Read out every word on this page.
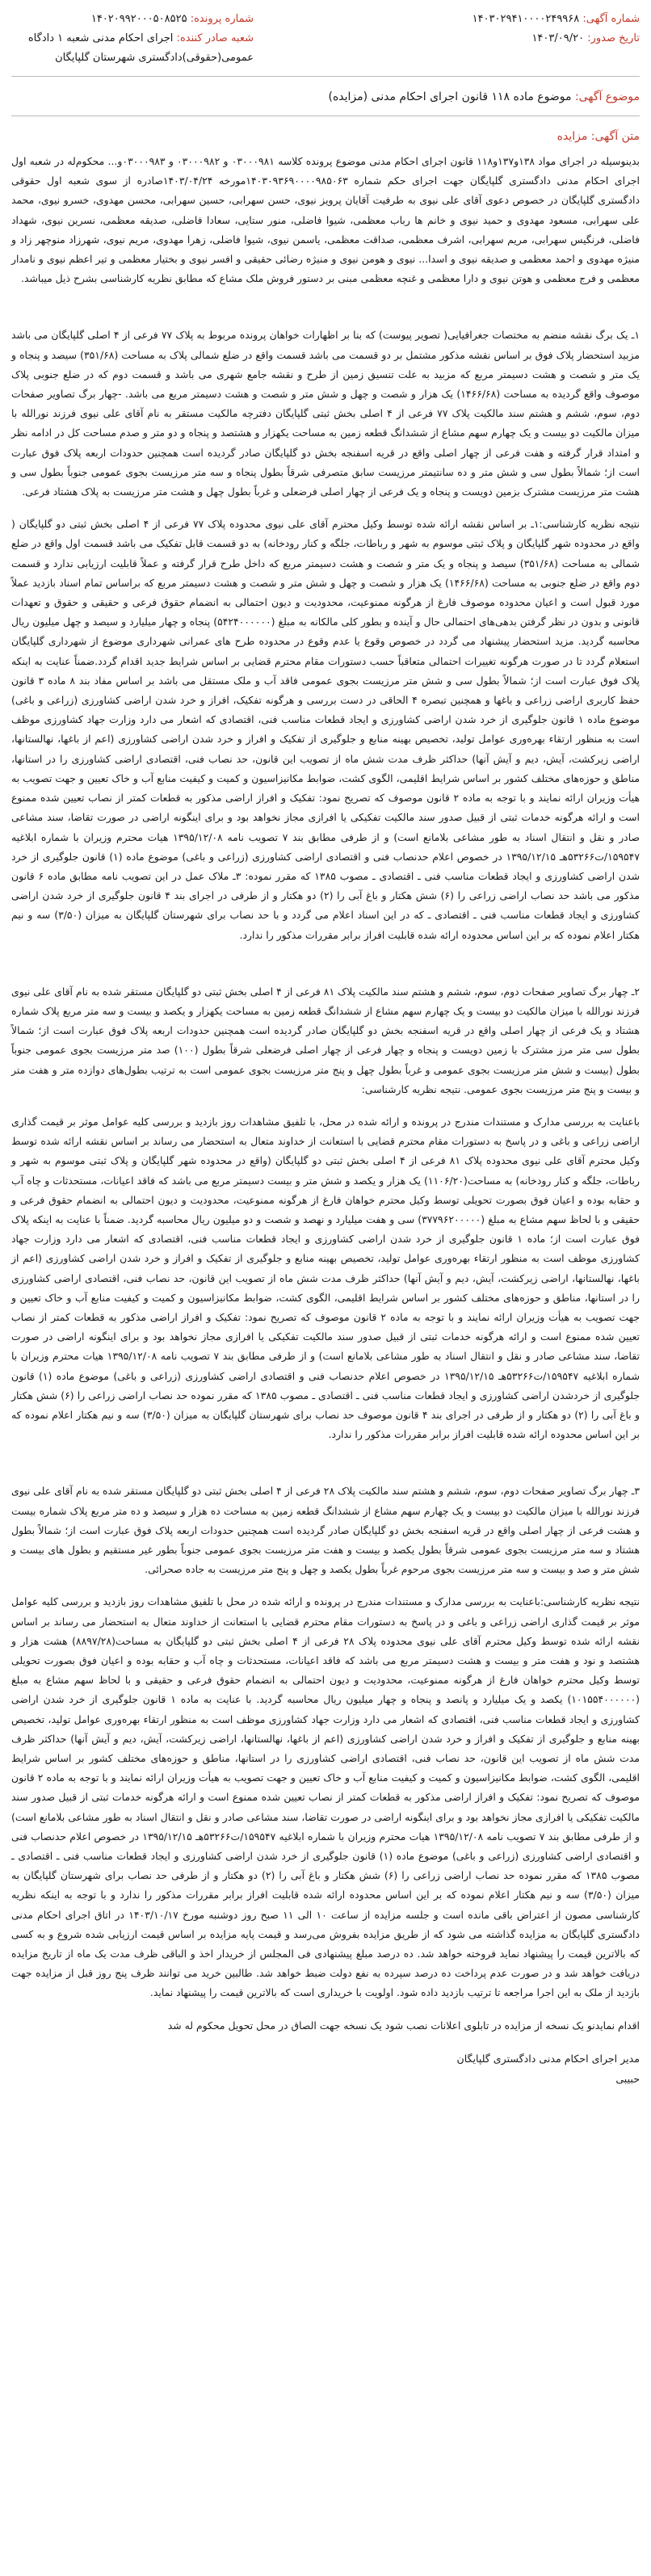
شماره آگهی: ۱۴۰۳۰۲۹۴۱۰۰۰۰۲۴۹۹۶۸
تاریخ صدور: ۱۴۰۳/۰۹/۲۰
شماره پرونده: ۱۴۰۲۰۹۹۲۰۰۰۵۰۸۵۲۵
شعبه صادر کننده: اجرای احکام مدنی شعبه ۱ دادگاه عمومی(حقوقی)دادگستری شهرستان گلپایگان
موضوع آگهی: موضوع ماده ۱۱۸ قانون اجرای احکام مدنی (مزایده)
متن آگهی: مزایده

بدینوسیله در اجرای مواد ۱۳۸و۱۳۷و۱۱۸ قانون اجرای احکام مدنی موضوع پرونده کلاسه ۰۳۰۰۰۹۸۱ و ۰۳۰۰۰۹۸۲ و ۰۳۰۰۰۹۸۳و... محکوم‌له در شعبه اول اجرای احکام مدنی دادگستری گلپایگان جهت اجرای حکم شماره ۱۴۰۳۰۹۳۶۹۰۰۰۰۹۸۵۰۶۳مورخه ۱۴۰۳/۰۴/۲۴صادره از سوی شعبه اول حقوقی دادگستری گلپایگان در خصوص دعوی آقای علی نیوی به طرفیت آقایان پرویز نیوی، حسن سهرابی، حسین سهرابی، محسن مهدوی، خسرو نیوی، محمد علی سهرابی، مسعود مهدوی و حمید نیوی و خانم ها رباب معظمی، شیوا فاضلی، منور ستایی، سعادا فاضلی، صدیقه معظمی، نسرین نیوی، شهداد فاضلی، فرنگیس سهرابی، مریم سهرابی، اشرف معظمی، صداقت معظمی، یاسمن نیوی، شیوا فاضلی، زهرا مهدوی، مریم نیوی، شهرزاد منوچهر زاد و منیژه مهدوی و احمد معظمی و صدیقه نیوی و اسدا... نیوی و هومن نیوی و منیژه رضائی حقیقی و افسر نیوی و بختیار معظمی و تیر اعظم نیوی و نامدار معظمی و فرج معظمی و هوتن نیوی و دارا معظمی و غنچه معظمی مبنی بر دستور فروش ملک مشاع که مطابق نظریه کارشناسی بشرح ذیل میباشد.

۱ـ یک برگ نقشه منضم به مختصات جغرافیایی( تصویر پیوست) که بنا بر اظهارات خواهان پرونده مربوط به پلاک ۷۷ فرعی از ۴ اصلی گلپایگان می باشد مزبید استحضار پلاک فوق بر اساس نقشه مذکور مشتمل بر دو قسمت می باشد قسمت واقع در ضلع شمالی پلاک به مساحت (۳۵۱/۶۸) سیصد و پنجاه و یک متر و شصت و هشت دسیمتر مربع که مزبید به علت تنسیق زمین از طرح و نقشه جامع شهری می باشد و قسمت دوم که در ضلع جنوبی پلاک موصوف واقع گردیده به مساحت (۱۴۶۶/۶۸) یک هزار و شصت و چهل و شش متر و شصت و هشت دسیمتر مربع می باشد. -چهار برگ تصاویر صفحات دوم، سوم، ششم و هشتم سند مالکیت پلاک ۷۷ فرعی از ۴ اصلی بخش ثبتی گلپایگان دفترچه مالکیت مستقر به نام آقای علی نیوی فرزند نورالله با میزان مالکیت دو بیست و یک چهارم سهم مشاع از ششدانگ قطعه زمین به مساحت یکهزار و هشتصد و پنجاه و دو متر و صدم مساحت کل در ادامه نظر و امتداد قرار گرفته و هفت فرعی از چهار اصلی واقع در قریه اسفنجه بخش دو گلپایگان صادر گردیده است همچنین حدودات اربعه پلاک فوق عبارت است از؛ شمالاً بطول سی و شش متر و ده سانتیمتر مرزیست سابق متصرفی شرقاً بطول پنجاه و سه متر مرزیست بجوی عمومی جنوباً بطول سی و هشت متر مرزیست مشترک بزمین دویست و پنجاه و یک فرعی از چهار اصلی فرضعلی و غرباً بطول چهل و هشت متر مرزیست به پلاک هشتاد فرعی.

نتیجه نظریه کارشناسی:۱ـ بر اساس نقشه ارائه شده توسط وکیل محترم آقای علی نیوی محدوده پلاک ۷۷ فرعی از ۴ اصلی بخش ثبتی دو گلپایگان ( واقع در محدوده شهر گلپایگان و پلاک ثبتی موسوم به شهر و رباطات، جلگه و کنار رودخانه) به دو قسمت قابل تفکیک می باشد قسمت اول واقع در ضلع شمالی به مساحت (۳۵۱/۶۸) سیصد و پنجاه و یک متر و شصت و هشت دسیمتر مربع که داخل طرح قرار گرفته و عملاً قابلیت ارزیابی ندارد و قسمت دوم واقع در ضلع جنوبی به مساحت (۱۴۶۶/۶۸) یک هزار و شصت و چهل و شش متر و شصت و هشت دسیمتر مربع که براساس تمام اسناد بازدید عملاً مورد قبول است و اعیان محدوده موصوف فارغ از هرگونه ممنوعیت، محدودیت و دیون احتمالی به انضمام حقوق فرعی و حقیقی و حقوق و تعهدات قانونی و بدون در نظر گرفتن بدهی‌های احتمالی حال و آینده و بطور کلی مالکانه به مبلغ (۵۴۲۴۰۰۰۰۰۰) پنجاه و چهار میلیارد و سیصد و چهل میلیون ریال محاسبه گردید. مزید استحضار پیشنهاد می گردد در خصوص وقوع یا عدم وقوع در محدوده طرح های عمرانی شهرداری موضوع از شهرداری گلپایگان استعلام گردد تا در صورت هرگونه تغییرات احتمالی متعاقباً حسب دستورات مقام محترم قضایی بر اساس شرایط جدید اقدام گردد.ضمناً عنایت به اینکه پلاک فوق عبارت است از؛ شمالاً بطول سی و شش متر مرزیست بجوی عمومی فاقد آب و ملک مستقل می باشد بر اساس مفاد بند ۸ ماده ۳ قانون حفظ کاربری اراضی زراعی و باغها و همچنین تبصره ۴ الحاقی در دست بررسی و هرگونه تفکیک، افراز و خرد شدن اراضی کشاورزی (زراعی و باغی) موضوع ماده ۱ قانون جلوگیری از خرد شدن اراضی کشاورزی و ایجاد قطعات مناسب فنی، اقتصادی که اشعار می دارد وزارت جهاد کشاورزی موظف است به منظور ارتقاء بهره‌وری عوامل تولید، تخصیص بهینه منابع و جلوگیری از تفکیک و افراز و خرد شدن اراضی کشاورزی (اعم از باغها، نهالستانها، اراضی زیرکشت، آیش، دیم و آیش آنها) حداکثر ظرف مدت شش ماه از تصویب این قانون، حد نصاب فنی، اقتصادی اراضی کشاورزی را در استانها، مناطق و حوزه‌های مختلف کشور بر اساس شرایط اقلیمی، الگوی کشت، ضوابط مکانیزاسیون و کمیت و کیفیت منابع آب و خاک تعیین و جهت تصویب به هیأت وزیران ارائه نمایند و با توجه به ماده ۲ قانون موصوف که تصریح نمود: تفکیک و افراز اراضی مذکور به قطعات کمتر از نصاب تعیین شده ممنوع است و ارائه هرگونه خدمات ثبتی از قبیل صدور سند مالکیت تفکیکی یا افرازی مجاز نخواهد بود و برای اینگونه اراضی در صورت تقاضا، سند مشاعی صادر و نقل و انتقال اسناد به طور مشاعی بلامانع است) و از طرفی مطابق بند ۷ تصویب نامه ۱۳۹۵/۱۲/۰۸ هیات محترم وزیران با شماره ابلاغیه ۱۵۹۵۴۷/ت۵۳۲۶۶هـ ۱۳۹۵/۱۲/۱۵ در خصوص اعلام حدنصاب فنی و اقتصادی اراضی کشاورزی (زراعی و باغی) موضوع ماده (۱) قانون جلوگیری از خرد شدن اراضی کشاورزی و ایجاد قطعات مناسب فنی ـ اقتصادی ـ مصوب ۱۳۸۵ که مقرر نموده: ۳ـ ملاک عمل در این تصویب نامه مطابق ماده ۶ قانون مذکور می باشد حد نصاب اراضی زراعی را (۶) شش هکتار و باغ آبی را (۲) دو هکتار و از طرفی در اجرای بند ۴ قانون جلوگیری از خرد شدن اراضی کشاورزی و ایجاد قطعات مناسب فنی ـ اقتصادی ـ که در این اسناد اعلام می گردد و با حد نصاب برای شهرستان گلپایگان به میزان (۳/۵۰) سه و نیم هکتار اعلام نموده که بر این اساس محدوده ارائه شده قابلیت افراز برابر مقررات مذکور را ندارد.

۲ـ چهار برگ تصاویر صفحات دوم، سوم، ششم و هشتم سند مالکیت پلاک ۸۱ فرعی از ۴ اصلی بخش ثبتی دو گلپایگان مستقر شده به نام آقای علی نیوی فرزند نورالله با میزان مالکیت دو بیست و یک چهارم سهم مشاع از ششدانگ قطعه زمین به مساحت یکهزار و یکصد و بیست و سه متر مربع پلاک شماره هشتاد و یک فرعی از چهار اصلی واقع در قریه اسفنجه بخش دو گلپایگان صادر گردیده است همچنین حدودات اربعه پلاک فوق عبارت است از؛ شمالاً بطول سی متر مرز مشترک با زمین دویست و پنجاه و چهار فرعی از چهار اصلی فرضعلی شرقاً بطول (۱۰۰) صد متر مرزیست بجوی عمومی جنوباً بطول (بیست و شش متر مرزیست بجوی عمومی و غرباً بطول چهل و پنج متر مرزیست بجوی عمومی است به ترتیب بطول‌های دوازده متر و هفت متر و بیست و پنج متر مرزیست بجوی عمومی. نتیجه نظریه کارشناسی:

باعنایت به بررسی مدارک و مستندات مندرج در پرونده و ارائه شده در محل، با تلفیق مشاهدات روز بازدید و بررسی کلیه عوامل موثر بر قیمت گذاری اراضی زراعی و باغی و در پاسخ به دستورات مقام محترم قضایی با استعانت از خداوند متعال به استحضار می رساند بر اساس نقشه ارائه شده توسط وکیل محترم آقای علی نیوی محدوده پلاک ۸۱ فرعی از ۴ اصلی بخش ثبتی دو گلپایگان (واقع در محدوده شهر گلپایگان و پلاک ثبتی موسوم به شهر و رباطات، جلگه و کنار رودخانه) به مساحت(۱۱۰۶/۲۰) یک هزار و یکصد و شش متر و بیست دسیمتر مربع می باشد که فاقد اعیانات، مستحدثات و چاه آب و حقابه بوده و اعیان فوق بصورت تحویلی توسط وکیل محترم خواهان فارغ از هرگونه ممنوعیت، محدودیت و دیون احتمالی به انضمام حقوق فرعی و حقیقی و با لحاظ سهم مشاع به مبلغ (۳۷۷۹۶۲۰۰۰۰۰) سی و هفت میلیارد و نهصد و شصت و دو میلیون ریال محاسبه گردید. ضمناً با عنایت به اینکه پلاک فوق عبارت است از؛ ماده ۱ قانون جلوگیری از خرد شدن اراضی کشاورزی و ایجاد قطعات مناسب فنی، اقتصادی که اشعار می دارد وزارت جهاد کشاورزی موظف است به منظور ارتقاء بهره‌وری عوامل تولید، تخصیص بهینه منابع و جلوگیری از تفکیک و افراز و خرد شدن اراضی کشاورزی (اعم از باغها، نهالستانها، اراضی زیرکشت، آیش، دیم و آیش آنها) حداکثر ظرف مدت شش ماه از تصویب این قانون، حد نصاب فنی، اقتصادی اراضی کشاورزی را در استانها، مناطق و حوزه‌های مختلف کشور بر اساس شرایط اقلیمی، الگوی کشت، ضوابط مکانیزاسیون و کمیت و کیفیت منابع آب و خاک تعیین و جهت تصویب به هیأت وزیران ارائه نمایند و با توجه به ماده ۲ قانون موصوف که تصریح نمود: تفکیک و افراز اراضی مذکور به قطعات کمتر از نصاب تعیین شده ممنوع است و ارائه هرگونه خدمات ثبتی از قبیل صدور سند مالکیت تفکیکی یا افرازی مجاز نخواهد بود و برای اینگونه اراضی در صورت تقاضا، سند مشاعی صادر و نقل و انتقال اسناد به طور مشاعی بلامانع است) و از طرفی مطابق بند ۷ تصویب نامه ۱۳۹۵/۱۲/۰۸ هیات محترم وزیران با شماره ابلاغیه ۱۵۹۵۴۷/ت۵۳۲۶۶هـ ۱۳۹۵/۱۲/۱۵ در خصوص اعلام حدنصاب فنی و اقتصادی اراضی کشاورزی (زراعی و باغی) موضوع ماده (۱) قانون جلوگیری از خردشدن اراضی کشاورزی و ایجاد قطعات مناسب فنی ـ اقتصادی ـ مصوب ۱۳۸۵ که مقرر نموده حد نصاب اراضی زراعی را (۶) شش هکتار و باغ آبی را (۲) دو هکتار و از طرفی در اجرای بند ۴ قانون موصوف حد نصاب برای شهرستان گلپایگان به میزان (۳/۵۰) سه و نیم هکتار اعلام نموده که بر این اساس محدوده ارائه شده قابلیت افراز برابر مقررات مذکور را ندارد.

۳ـ چهار برگ تصاویر صفحات دوم، سوم، ششم و هشتم سند مالکیت پلاک ۲۸ فرعی از ۴ اصلی بخش ثبتی دو گلپایگان مستقر شده به نام آقای علی نیوی فرزند نورالله با میزان مالکیت دو بیست و یک چهارم سهم مشاع از ششدانگ قطعه زمین به مساحت ده هزار و سیصد و ده متر مربع پلاک شماره بیست و هشت فرعی از چهار اصلی واقع در قریه اسفنجه بخش دو گلپایگان صادر گردیده است همچنین حدودات اربعه پلاک فوق عبارت است از؛ شمالاً بطول هشتاد و سه متر مرزیست بجوی عمومی شرقاً بطول یکصد و بیست و هفت متر مرزیست بجوی عمومی جنوباً بطور غیر مستقیم و بطول های بیست و شش متر و صد و بیست و سه متر مرزیست بجوی مرحوم غرباً بطول یکصد و چهل و پنج متر مرزیست به جاده صحرائی.

نتیجه نظریه کارشناسی:باعنایت به بررسی مدارک و مستندات مندرج در پرونده و ارائه شده در محل با تلفیق مشاهدات روز بازدید و بررسی کلیه عوامل موثر بر قیمت گذاری اراضی زراعی و باغی و در پاسخ به دستورات مقام محترم قضایی با استعانت از خداوند متعال به استحضار می رساند بر اساس نقشه ارائه شده توسط وکیل محترم آقای علی نیوی محدوده پلاک ۲۸ فرعی از ۴ اصلی بخش ثبتی دو گلپایگان به مساحت(۸۸۹۷/۲۸) هشت هزار و هشتصد و نود و هفت متر و بیست و هشت دسیمتر مربع می باشد که فاقد اعیانات، مستحدثات و چاه آب و حقابه بوده و اعیان فوق بصورت تحویلی توسط وکیل محترم خواهان فارغ از هرگونه ممنوعیت، محدودیت و دیون احتمالی به انضمام حقوق فرعی و حقیقی و با لحاظ سهم مشاع به مبلغ (۱۰۱۵۵۴۰۰۰۰۰۰) یکصد و یک میلیارد و پانصد و پنجاه و چهار میلیون ریال محاسبه گردید. با عنایت به ماده ۱ قانون جلوگیری از خرد شدن اراضی کشاورزی و ایجاد قطعات مناسب فنی، اقتصادی که اشعار می دارد وزارت جهاد کشاورزی موظف است به منظور ارتقاء بهره‌وری عوامل تولید، تخصیص بهینه منابع و جلوگیری از تفکیک و افراز و خرد شدن اراضی کشاورزی (اعم از باغها، نهالستانها، اراضی زیرکشت، آیش، دیم و آیش آنها) حداکثر ظرف مدت شش ماه از تصویب این قانون، حد نصاب فنی، اقتصادی اراضی کشاورزی را در استانها، مناطق و حوزه‌های مختلف کشور بر اساس شرایط اقلیمی، الگوی کشت، ضوابط مکانیزاسیون و کمیت و کیفیت منابع آب و خاک تعیین و جهت تصویب به هیأت وزیران ارائه نمایند و با توجه به ماده ۲ قانون موصوف که تصریح نمود: تفکیک و افراز اراضی مذکور به قطعات کمتر از نصاب تعیین شده ممنوع است و ارائه هرگونه خدمات ثبتی از قبیل صدور سند مالکیت تفکیکی یا افرازی مجاز نخواهد بود و برای اینگونه اراضی در صورت تقاضا، سند مشاعی صادر و نقل و انتقال اسناد به طور مشاعی بلامانع است) و از طرفی مطابق بند ۷ تصویب نامه ۱۳۹۵/۱۲/۰۸ هیات محترم وزیران با شماره ابلاغیه ۱۵۹۵۴۷/ت۵۳۲۶۶هـ ۱۳۹۵/۱۲/۱۵ در خصوص اعلام حدنصاب فنی و اقتصادی اراضی کشاورزی (زراعی و باغی) موضوع ماده (۱) قانون جلوگیری از خرد شدن اراضی کشاورزی و ایجاد قطعات مناسب فنی ـ اقتصادی ـ مصوب ۱۳۸۵ که مقرر نموده حد نصاب اراضی زراعی را (۶) شش هکتار و باغ آبی را (۲) دو هکتار و از طرفی حد نصاب برای شهرستان گلپایگان به میزان (۳/۵۰) سه و نیم هکتار اعلام نموده که بر این اساس محدوده ارائه شده قابلیت افراز برابر مقررات مذکور را ندارد و با توجه به اینکه نظریه کارشناسی مصون از اعتراض باقی مانده است و جلسه مزایده از ساعت ۱۰ الی ۱۱ صبح روز دوشنبه مورخ ۱۴۰۳/۱۰/۱۷ در اتاق اجرای احکام مدنی دادگستری گلپایگان به مزایده گذاشته می شود که از طریق مزایده بفروش می‌رسد و قیمت پایه مزایده بر اساس قیمت ارزیابی شده شروع و به کسی که بالاترین قیمت را پیشنهاد نماید فروخته خواهد شد. ده درصد مبلغ پیشنهادی فی المجلس از خریدار اخذ و الباقی ظرف مدت یک ماه از تاریخ مزایده دریافت خواهد شد و در صورت عدم پرداخت ده درصد سپرده به نفع دولت ضبط خواهد شد. طالبین خرید می توانند ظرف پنج روز قبل از مزایده جهت بازدید از ملک به این اجرا مراجعه تا ترتیب بازدید داده شود. اولویت با خریداری است که بالاترین قیمت را پیشنهاد نماید.

اقدام نمایدنو یک نسخه از مزایده در تابلوی اعلانات نصب شود یک نسخه جهت الصاق در محل تحویل محکوم له شد

مدیر اجرای احکام مدنی دادگستری گلپایگان
حبیبی
